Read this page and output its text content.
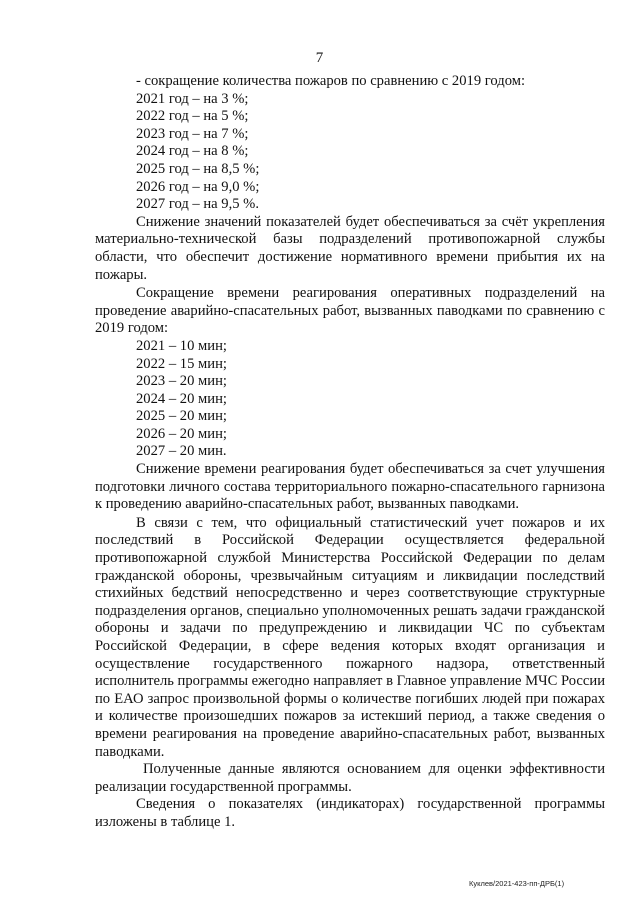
7
- сокращение количества пожаров по сравнению с 2019 годом:
2021 год – на 3 %;
2022 год – на 5 %;
2023 год – на 7 %;
2024 год – на 8 %;
2025 год – на 8,5 %;
2026 год – на 9,0 %;
2027 год – на 9,5 %.

Снижение значений показателей будет обеспечиваться за счёт укрепления материально-технической базы подразделений противопожарной службы области, что обеспечит достижение нормативного времени прибытия их на пожары.

Сокращение времени реагирования оперативных подразделений на проведение аварийно-спасательных работ, вызванных паводками по сравнению с 2019 годом:

2021 – 10 мин;
2022 – 15 мин;
2023 – 20 мин;
2024 – 20 мин;
2025 – 20 мин;
2026 – 20 мин;
2027 – 20 мин.

Снижение времени реагирования будет обеспечиваться за счет улучшения подготовки личного состава территориального пожарно-спасательного гарнизона к проведению аварийно-спасательных работ, вызванных паводками.

В связи с тем, что официальный статистический учет пожаров и их последствий в Российской Федерации осуществляется федеральной противопожарной службой Министерства Российской Федерации по делам гражданской обороны, чрезвычайным ситуациям и ликвидации последствий стихийных бедствий непосредственно и через соответствующие структурные подразделения органов, специально уполномоченных решать задачи гражданской обороны и задачи по предупреждению и ликвидации ЧС по субъектам Российской Федерации, в сфере ведения которых входят организация и осуществление государственного пожарного надзора, ответственный исполнитель программы ежегодно направляет в Главное управление МЧС России по ЕАО запрос произвольной формы о количестве погибших людей при пожарах и количестве произошедших пожаров за истекший период, а также сведения о времени реагирования на проведение аварийно-спасательных работ, вызванных паводками.

Полученные данные являются основанием для оценки эффективности реализации государственной программы.

Сведения о показателях (индикаторах) государственной программы изложены в таблице 1.

Куклев/2021-423-пп-ДРБ(1)
